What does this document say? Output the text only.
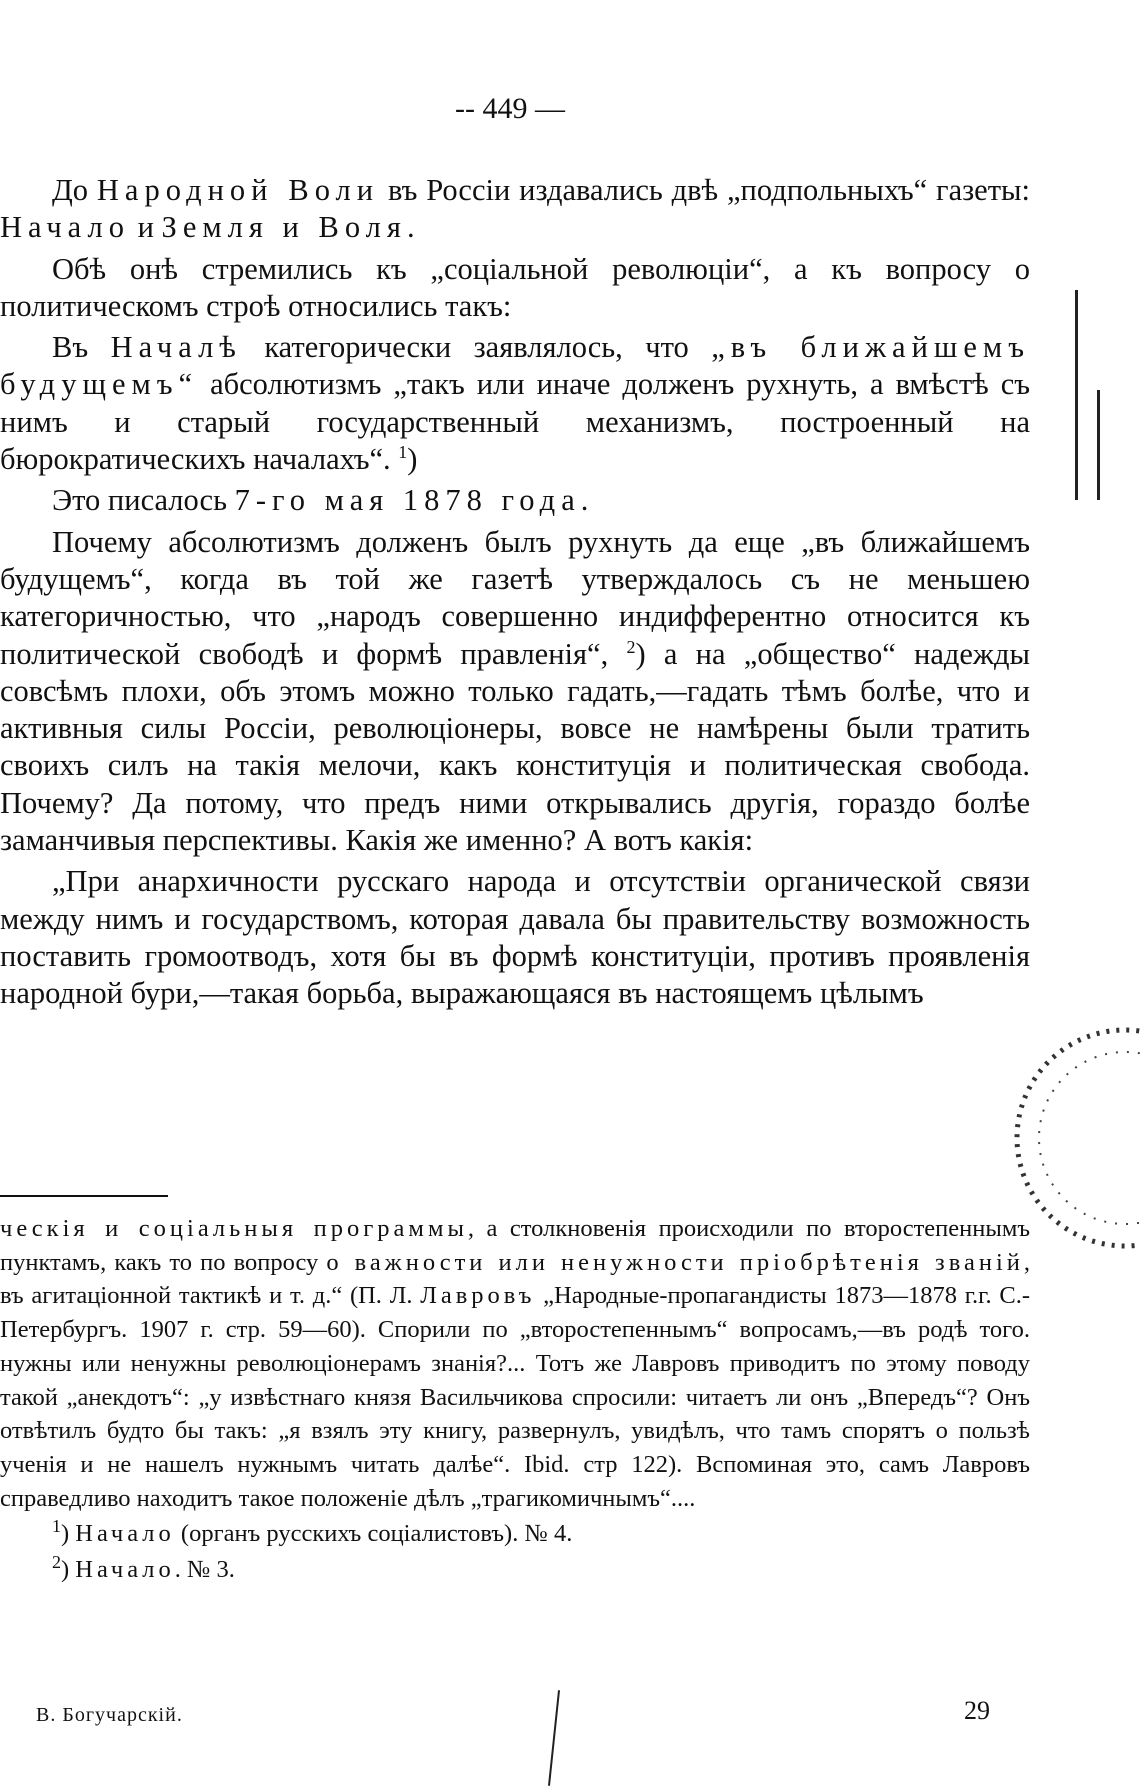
-- 449 —

До Народной Воли въ Россіи издавались двѣ „подпольныхъ“ газеты: Начало и Земля и Воля.

Обѣ онѣ стремились къ „соціальной революціи“, а къ вопросу о политическомъ строѣ относились такъ:

Въ Началѣ категорически заявлялось, что „въ ближайшемъ будущемъ“ абсолютизмъ „такъ или иначе долженъ рухнуть, а вмѣстѣ съ нимъ и старый государственный механизмъ, построенный на бюрократическихъ началахъ“. $^1$)

Это писалось 7-го мая 1878 года.

Почему абсолютизмъ долженъ былъ рухнуть да еще „въ ближайшемъ будущемъ“, когда въ той же газетѣ утверждалось съ не меньшею категоричностью, что „народъ совершенно индифферентно относится къ политической свободѣ и формѣ правленія“, $^2$) а на „общество“ надежды совсѣмъ плохи, объ этомъ можно только гадать,—гадать тѣмъ болѣе, что и активныя силы Россіи, революціонеры, вовсе не намѣрены были тратить своихъ силъ на такія мелочи, какъ конституція и политическая свобода. Почему? Да потому, что предъ ними открывались другія, гораздо болѣе заманчивыя перспективы. Какія же именно? А вотъ какія:

„При анархичности русскаго народа и отсутствіи органической связи между нимъ и государствомъ, которая давала бы правительству возможность поставить громоотводъ, хотя бы въ формѣ конституціи, противъ проявленія народной бури,—такая борьба, выражающаяся въ настоящемъ цѣлымъ

ческія и соціальныя программы, а столкновенія происходили по второстепеннымъ пунктамъ, какъ то по вопросу о важности или ненужности пріобрѣтенія званій, въ агитаціонной тактикѣ и т. д.“ (П. Л. Лавровъ „Народные-пропагандисты 1873—1878 г.г. С.-Петербургъ. 1907 г. стр. 59—60). Спорили по „второстепеннымъ“ вопросамъ,—въ родѣ того. нужны или ненужны революціонерамъ знанія?... Тотъ же Лавровъ приводитъ по этому поводу такой „анекдотъ“: „у извѣстнаго князя Васильчикова спросили: читаетъ ли онъ „Впередъ“? Онъ отвѣтилъ будто бы такъ: „я взялъ эту книгу, развернулъ, увидѣлъ, что тамъ спорятъ о пользѣ ученія и не нашелъ нужнымъ читать далѣе“. Ibid. стр 122). Вспоминая это, самъ Лавровъ справедливо находитъ такое положеніе дѣлъ „трагикомичнымъ“....
$^1$) Начало (органъ русскихъ соціалистовъ). № 4.
$^2$) Начало. № 3.
В. Богучарскій.	29
